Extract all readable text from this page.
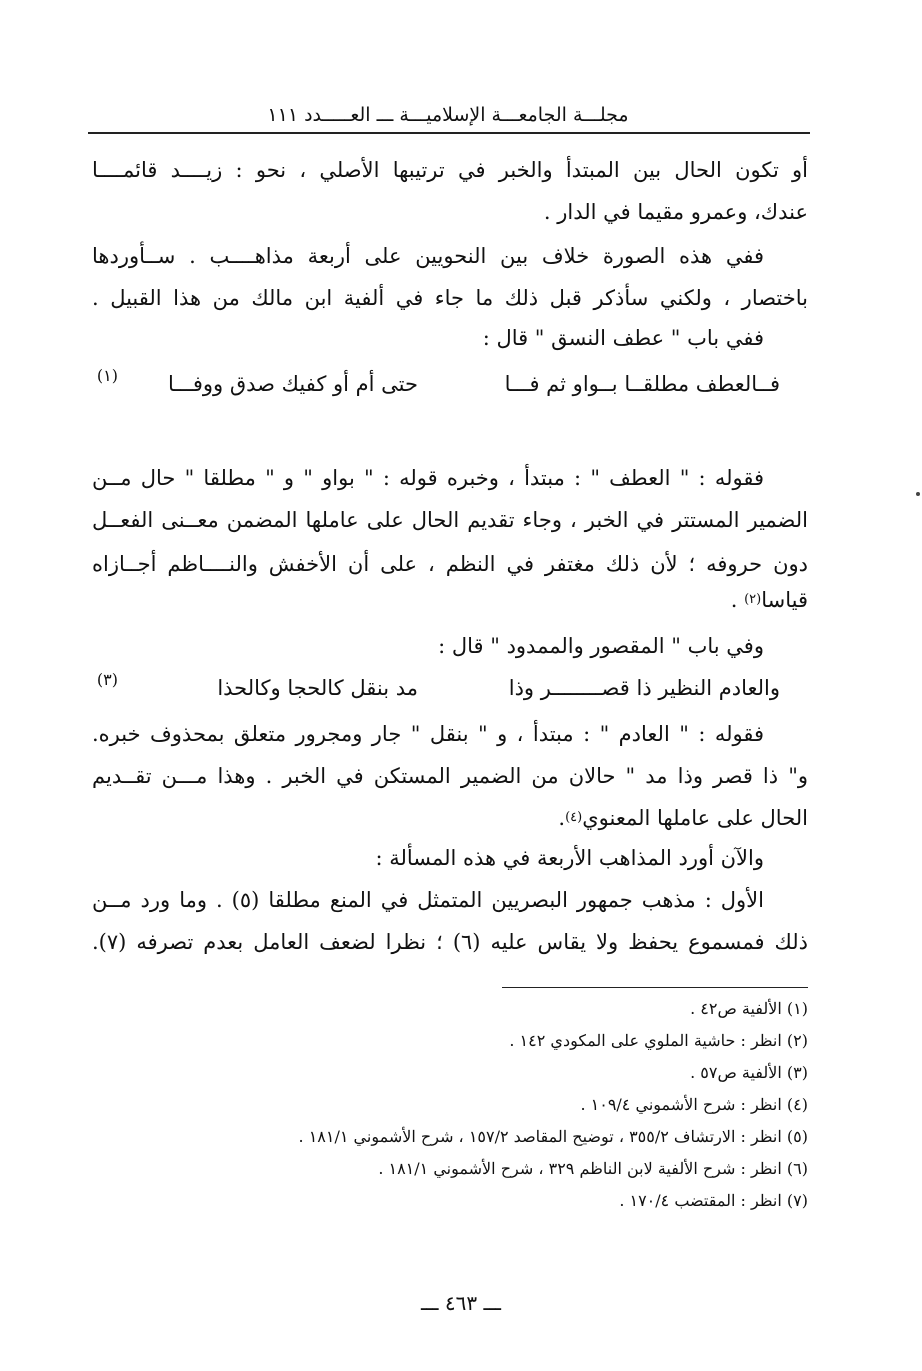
مجلـــة الجامعـــة الإسلاميـــة ـــ العـــــدد ١١١
أو تكون الحال بين المبتدأ والخبر في ترتيبها الأصلي ، نحو : زيــــد قائمــــا
عندك، وعمرو مقيما في الدار .
ففي هذه الصورة خلاف بين النحويين على أربعة مذاهــــب . ســأوردها
باختصار ، ولكني سأذكر قبل ذلك ما جاء في ألفية ابن مالك من هذا القبيل .
ففي باب " عطف النسق " قال :
فــالعطف مطلقــا بــواو ثم فـــا
حتى أم أو كفيك صدق ووفـــا
(١)
فقوله : " العطف " : مبتدأ ، وخبره قوله : " بواو " و " مطلقا " حال مــن
الضمير المستتر في الخبر ، وجاء تقديم الحال على عاملها المضمن معــنى الفعــل
دون حروفه ؛ لأن ذلك مغتفر في النظم ، على أن الأخفش والنــــاظم أجــازاه
قياسا$^{(٢)}$ .
وفي باب " المقصور والممدود " قال :
والعادم النظير ذا قصــــــــر وذا
مد بنقل كالحجا وكالحذا
(٣)
فقوله : " العادم " : مبتدأ ، و " بنقل " جار ومجرور متعلق بمحذوف خبره.
و" ذا قصر وذا مد " حالان من الضمير المستكن في الخبر . وهذا مـــن تقــديم
الحال على عاملها المعنوي$^{(٤)}$.
والآن أورد المذاهب الأربعة في هذه المسألة :
الأول : مذهب جمهور البصريين المتمثل في المنع مطلقا (٥) . وما ورد مــن
ذلك فمسموع يحفظ ولا يقاس عليه (٦) ؛ نظرا لضعف العامل بعدم تصرفه (٧).
(١) الألفية ص٤٢ .
(٢) انظر : حاشية الملوي على المكودي ١٤٢ .
(٣) الألفية ص٥٧ .
(٤) انظر : شرح الأشموني ١٠٩/٤ .
(٥) انظر : الارتشاف ٣٥٥/٢ ، توضيح المقاصد ١٥٧/٢ ، شرح الأشموني ١٨١/١ .
(٦) انظر : شرح الألفية لابن الناظم ٣٢٩ ، شرح الأشموني ١٨١/١ .
(٧) انظر : المقتضب ١٧٠/٤ .
ـــ ٤٦٣ ـــ
